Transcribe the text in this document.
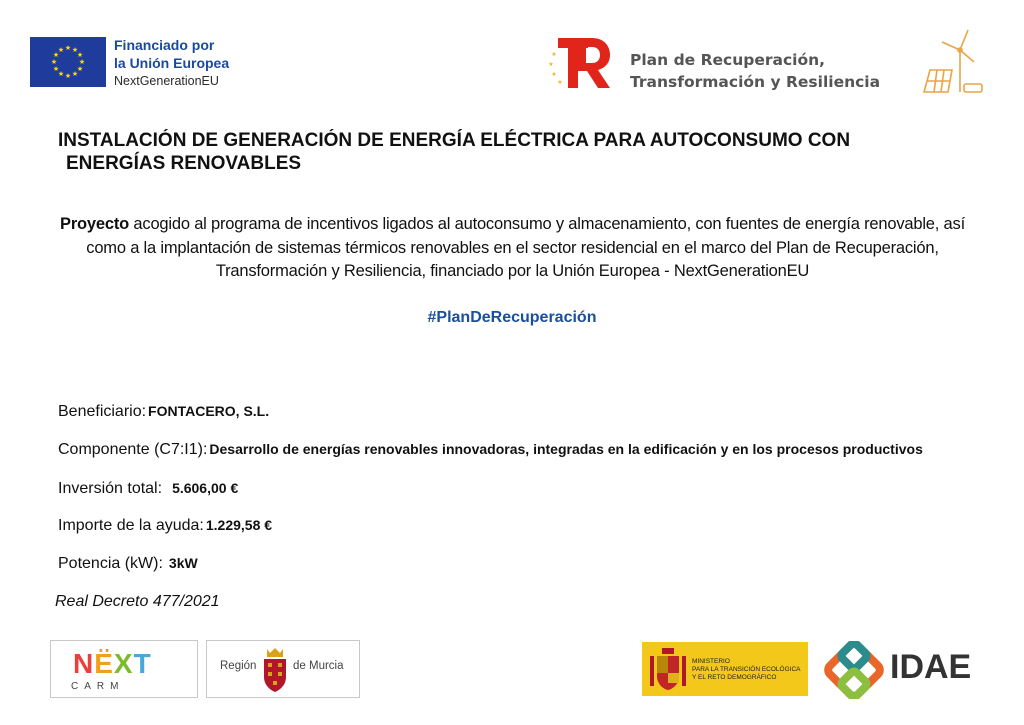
★ ★
★
★
★
★
★
★
★
★
★
★	Financiado por
la Unión Europea
NextGenerationEU
★
★
★
★
Plan de Recuperación,
Transformación y Resiliencia
INSTALACIÓN DE GENERACIÓN DE ENERGÍA ELÉCTRICA PARA AUTOCONSUMO CON
ENERGÍAS RENOVABLES
Proyecto acogido al programa de incentivos ligados al autoconsumo y almacenamiento, con fuentes de energía renovable, así como a la implantación de sistemas térmicos renovables en el sector residencial en el marco del Plan de Recuperación, Transformación y Resiliencia, financiado por la Unión Europea - NextGenerationEU
#PlanDeRecuperación
Beneficiario: FONTACERO, S.L.
Componente (C7:I1): Desarrollo de energías renovables innovadoras, integradas en la edificación y en los procesos productivos
Inversión total: 5.606,00 €
Importe de la ayuda: 1.229,58 €
Potencia (kW): 3kW
Real Decreto 477/2021
NËXT
CARM
Región	de Murcia	MINISTERIO
PARA LA TRANSICIÓN ECOLÓGICA
Y EL RETO DEMOGRÁFICO	IDAE
